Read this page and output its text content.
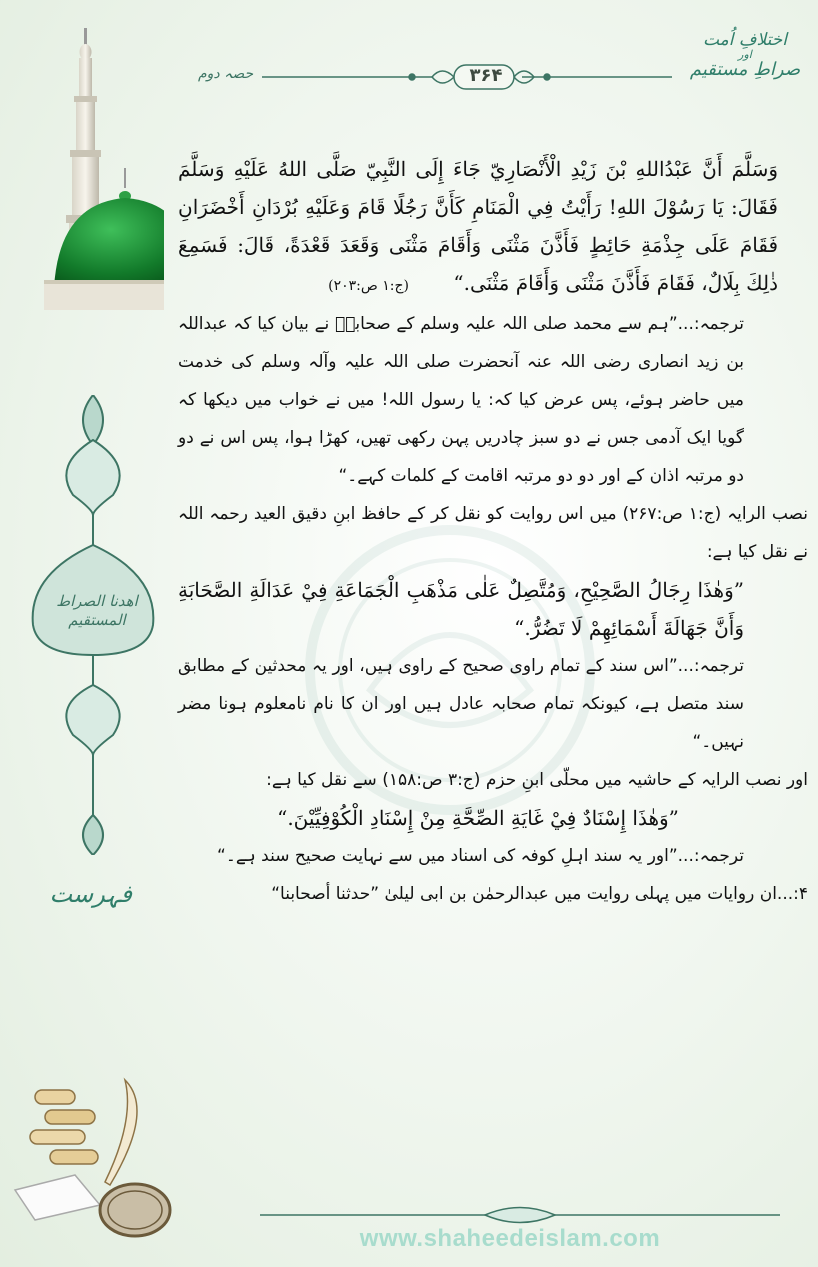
اھدنا الصراط المستقیم
فہرست
اختلافِ اُمت
اور
صراطِ مستقیم
حصہ دوم	۳۶۴

وَسَلَّمَ أَنَّ عَبْدُاللهِ بْنَ زَيْدِ الْأَنْصَارِيّ جَاءَ إِلَى النَّبِيّ صَلَّى اللهُ عَلَيْهِ وَسَلَّمَ فَقَالَ: يَا رَسُوْلَ اللهِ! رَأَيْتُ فِي الْمَنَامِ كَأَنَّ رَجُلًا قَامَ وَعَلَيْهِ بُرْدَانِ أَخْضَرَانِ فَقَامَ عَلَى جِذْمَةِ حَائِطٍ فَأَذَّنَ مَثْنَى وَأَقَامَ مَثْنَى وَقَعَدَ قَعْدَةً، قَالَ: فَسَمِعَ ذٰلِكَ بِلَالٌ، فَقَامَ فَأَذَّنَ مَثْنَى وَأَقَامَ مَثْنَى.“ (ج:۱ ص:۲۰۳)

ترجمہ:...”ہم سے محمد صلی اللہ علیہ وسلم کے صحابہؓ نے بیان کیا کہ عبداللہ بن زید انصاری رضی اللہ عنہ آنحضرت صلی اللہ علیہ وآلہ وسلم کی خدمت میں حاضر ہوئے، پس عرض کیا کہ: یا رسول اللہ! میں نے خواب میں دیکھا کہ گویا ایک آدمی جس نے دو سبز چادریں پہن رکھی تھیں، کھڑا ہوا، پس اس نے دو دو مرتبہ اذان کے اور دو دو مرتبہ اقامت کے کلمات کہے۔“

نصب الرایہ (ج:۱ ص:۲۶۷) میں اس روایت کو نقل کر کے حافظ ابنِ دقیق العید رحمہ اللہ نے نقل کیا ہے:

”وَهٰذَا رِجَالُ الصَّحِيْحِ، وَمُتَّصِلٌ عَلٰى مَذْهَبِ الْجَمَاعَةِ فِيْ عَدَالَةِ الصَّحَابَةِ وَأَنَّ جَهَالَةَ أَسْمَائِهِمْ لَا تَضُرُّ.“

ترجمہ:...”اس سند کے تمام راوی صحیح کے راوی ہیں، اور یہ محدثین کے مطابق سند متصل ہے، کیونکہ تمام صحابہ عادل ہیں اور ان کا نام نامعلوم ہونا مضر نہیں۔“

اور نصب الرایہ کے حاشیہ میں محلّی ابنِ حزم (ج:۳ ص:۱۵۸) سے نقل کیا ہے:

”وَهٰذَا إِسْنَادٌ فِيْ غَايَةِ الصِّحَّةِ مِنْ إِسْنَادِ الْكُوْفِيِّيْنَ.“

ترجمہ:...”اور یہ سند اہلِ کوفہ کی اسناد میں سے نہایت صحیح سند ہے۔“

۴:...ان روایات میں پہلی روایت میں عبدالرحمٰن بن ابی لیلیٰ ”حدثنا أصحابنا“

www.shaheedeislam.com
